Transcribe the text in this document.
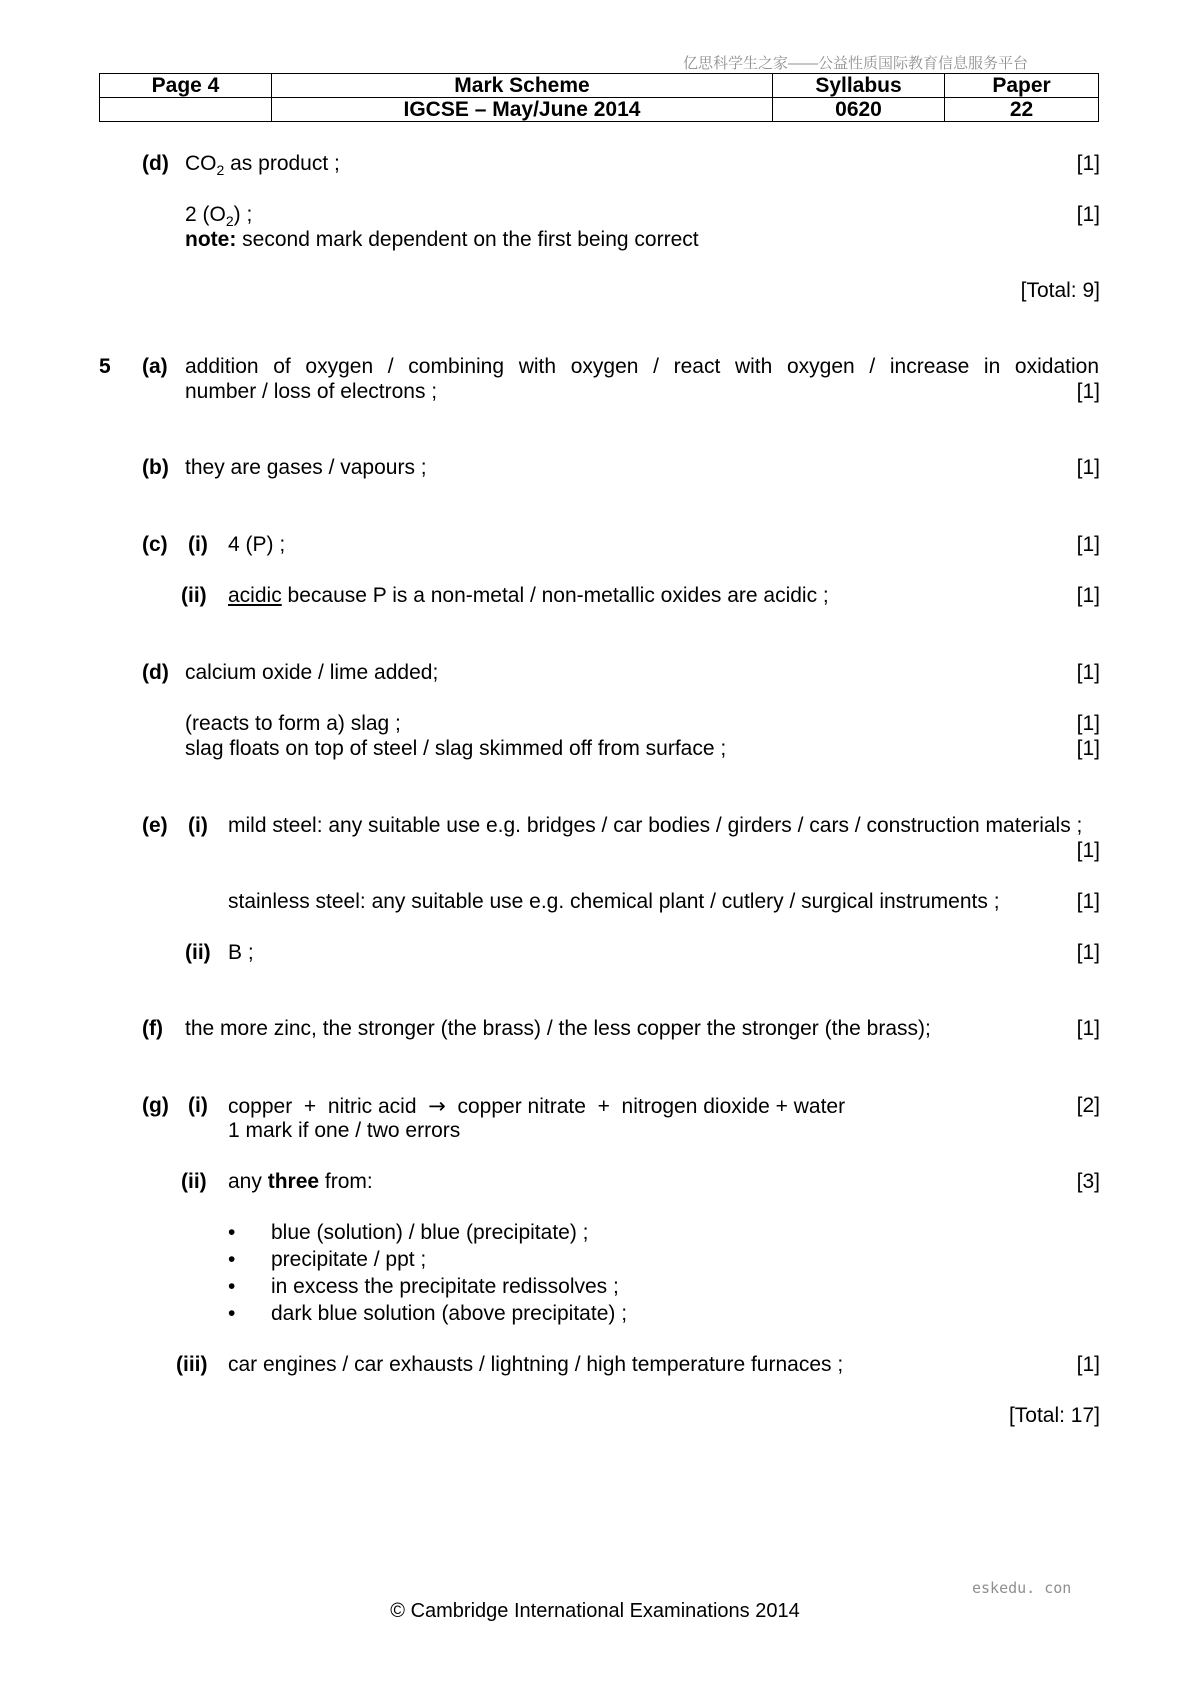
亿思科学生之家——公益性质国际教育信息服务平台
Page 4	Mark Scheme	Syllabus	Paper
	IGCSE – May/June 2014	0620	22
(d) $CO_2$ as product ;	[1]
2 $(O_2)$ ;	[1]
note: second mark dependent on the first being correct
[Total: 9]
5 (a) addition of oxygen / combining with oxygen / react with oxygen / increase in oxidation
number / loss of electrons ;	[1]
(b) they are gases / vapours ;	[1]
(c) (i) 4 (P) ;	[1]
(ii) acidic because P is a non-metal / non-metallic oxides are acidic ;	[1]
(d) calcium oxide / lime added;	[1]
(reacts to form a) slag ;	[1]
slag floats on top of steel / slag skimmed off from surface ;	[1]
(e) (i) mild steel: any suitable use e.g. bridges / car bodies / girders / cars / construction materials ;
[1]
stainless steel: any suitable use e.g. chemical plant / cutlery / surgical instruments ;	[1]
(ii) B ;	[1]
(f) the more zinc, the stronger (the brass) / the less copper the stronger (the brass);	[1]
(g) (i) copper + nitric acid → copper nitrate + nitrogen dioxide + water	[2]
1 mark if one / two errors
(ii) any three from:	[3]
• blue (solution) / blue (precipitate) ;
• precipitate / ppt ;
• in excess the precipitate redissolves ;
• dark blue solution (above precipitate) ;
(iii) car engines / car exhausts / lightning / high temperature furnaces ;	[1]
[Total: 17]
eskedu. con
© Cambridge International Examinations 2014
